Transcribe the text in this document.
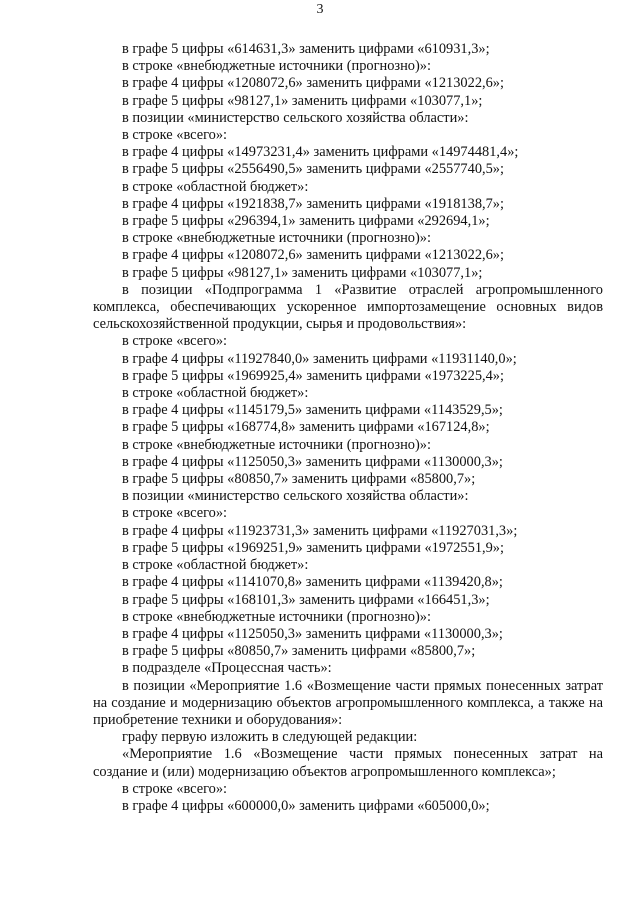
3

в графе 5 цифры «614631,3» заменить цифрами «610931,3»;

в строке «внебюджетные источники (прогнозно)»:

в графе 4 цифры «1208072,6» заменить цифрами «1213022,6»;

в графе 5 цифры «98127,1» заменить цифрами «103077,1»;

в позиции «министерство сельского хозяйства области»:

в строке «всего»:

в графе 4 цифры «14973231,4» заменить цифрами «14974481,4»;

в графе 5 цифры «2556490,5» заменить цифрами «2557740,5»;

в строке «областной бюджет»:

в графе 4 цифры «1921838,7» заменить цифрами «1918138,7»;

в графе 5 цифры «296394,1» заменить цифрами «292694,1»;

в строке «внебюджетные источники (прогнозно)»:

в графе 4 цифры «1208072,6» заменить цифрами «1213022,6»;

в графе 5 цифры «98127,1» заменить цифрами «103077,1»;

в позиции «Подпрограмма 1 «Развитие отраслей агропромышленного комплекса, обеспечивающих ускоренное импортозамещение основных видов сельскохозяйственной продукции, сырья и продовольствия»:

в строке «всего»:

в графе 4 цифры «11927840,0» заменить цифрами «11931140,0»;

в графе 5 цифры «1969925,4» заменить цифрами «1973225,4»;

в строке «областной бюджет»:

в графе 4 цифры «1145179,5» заменить цифрами «1143529,5»;

в графе 5 цифры «168774,8» заменить цифрами «167124,8»;

в строке «внебюджетные источники (прогнозно)»:

в графе 4 цифры «1125050,3» заменить цифрами «1130000,3»;

в графе 5 цифры «80850,7» заменить цифрами «85800,7»;

в позиции «министерство сельского хозяйства области»:

в строке «всего»:

в графе 4 цифры «11923731,3» заменить цифрами «11927031,3»;

в графе 5 цифры «1969251,9» заменить цифрами «1972551,9»;

в строке «областной бюджет»:

в графе 4 цифры «1141070,8» заменить цифрами «1139420,8»;

в графе 5 цифры «168101,3» заменить цифрами «166451,3»;

в строке «внебюджетные источники (прогнозно)»:

в графе 4 цифры «1125050,3» заменить цифрами «1130000,3»;

в графе 5 цифры «80850,7» заменить цифрами «85800,7»;

в подразделе «Процессная часть»:

в позиции «Мероприятие 1.6 «Возмещение части прямых понесенных затрат на создание и модернизацию объектов агропромышленного комплекса, а также на приобретение техники и оборудования»:

графу первую изложить в следующей редакции:

«Мероприятие 1.6 «Возмещение части прямых понесенных затрат на создание и (или) модернизацию объектов агропромышленного комплекса»;

в строке «всего»:

в графе 4 цифры «600000,0» заменить цифрами «605000,0»;
